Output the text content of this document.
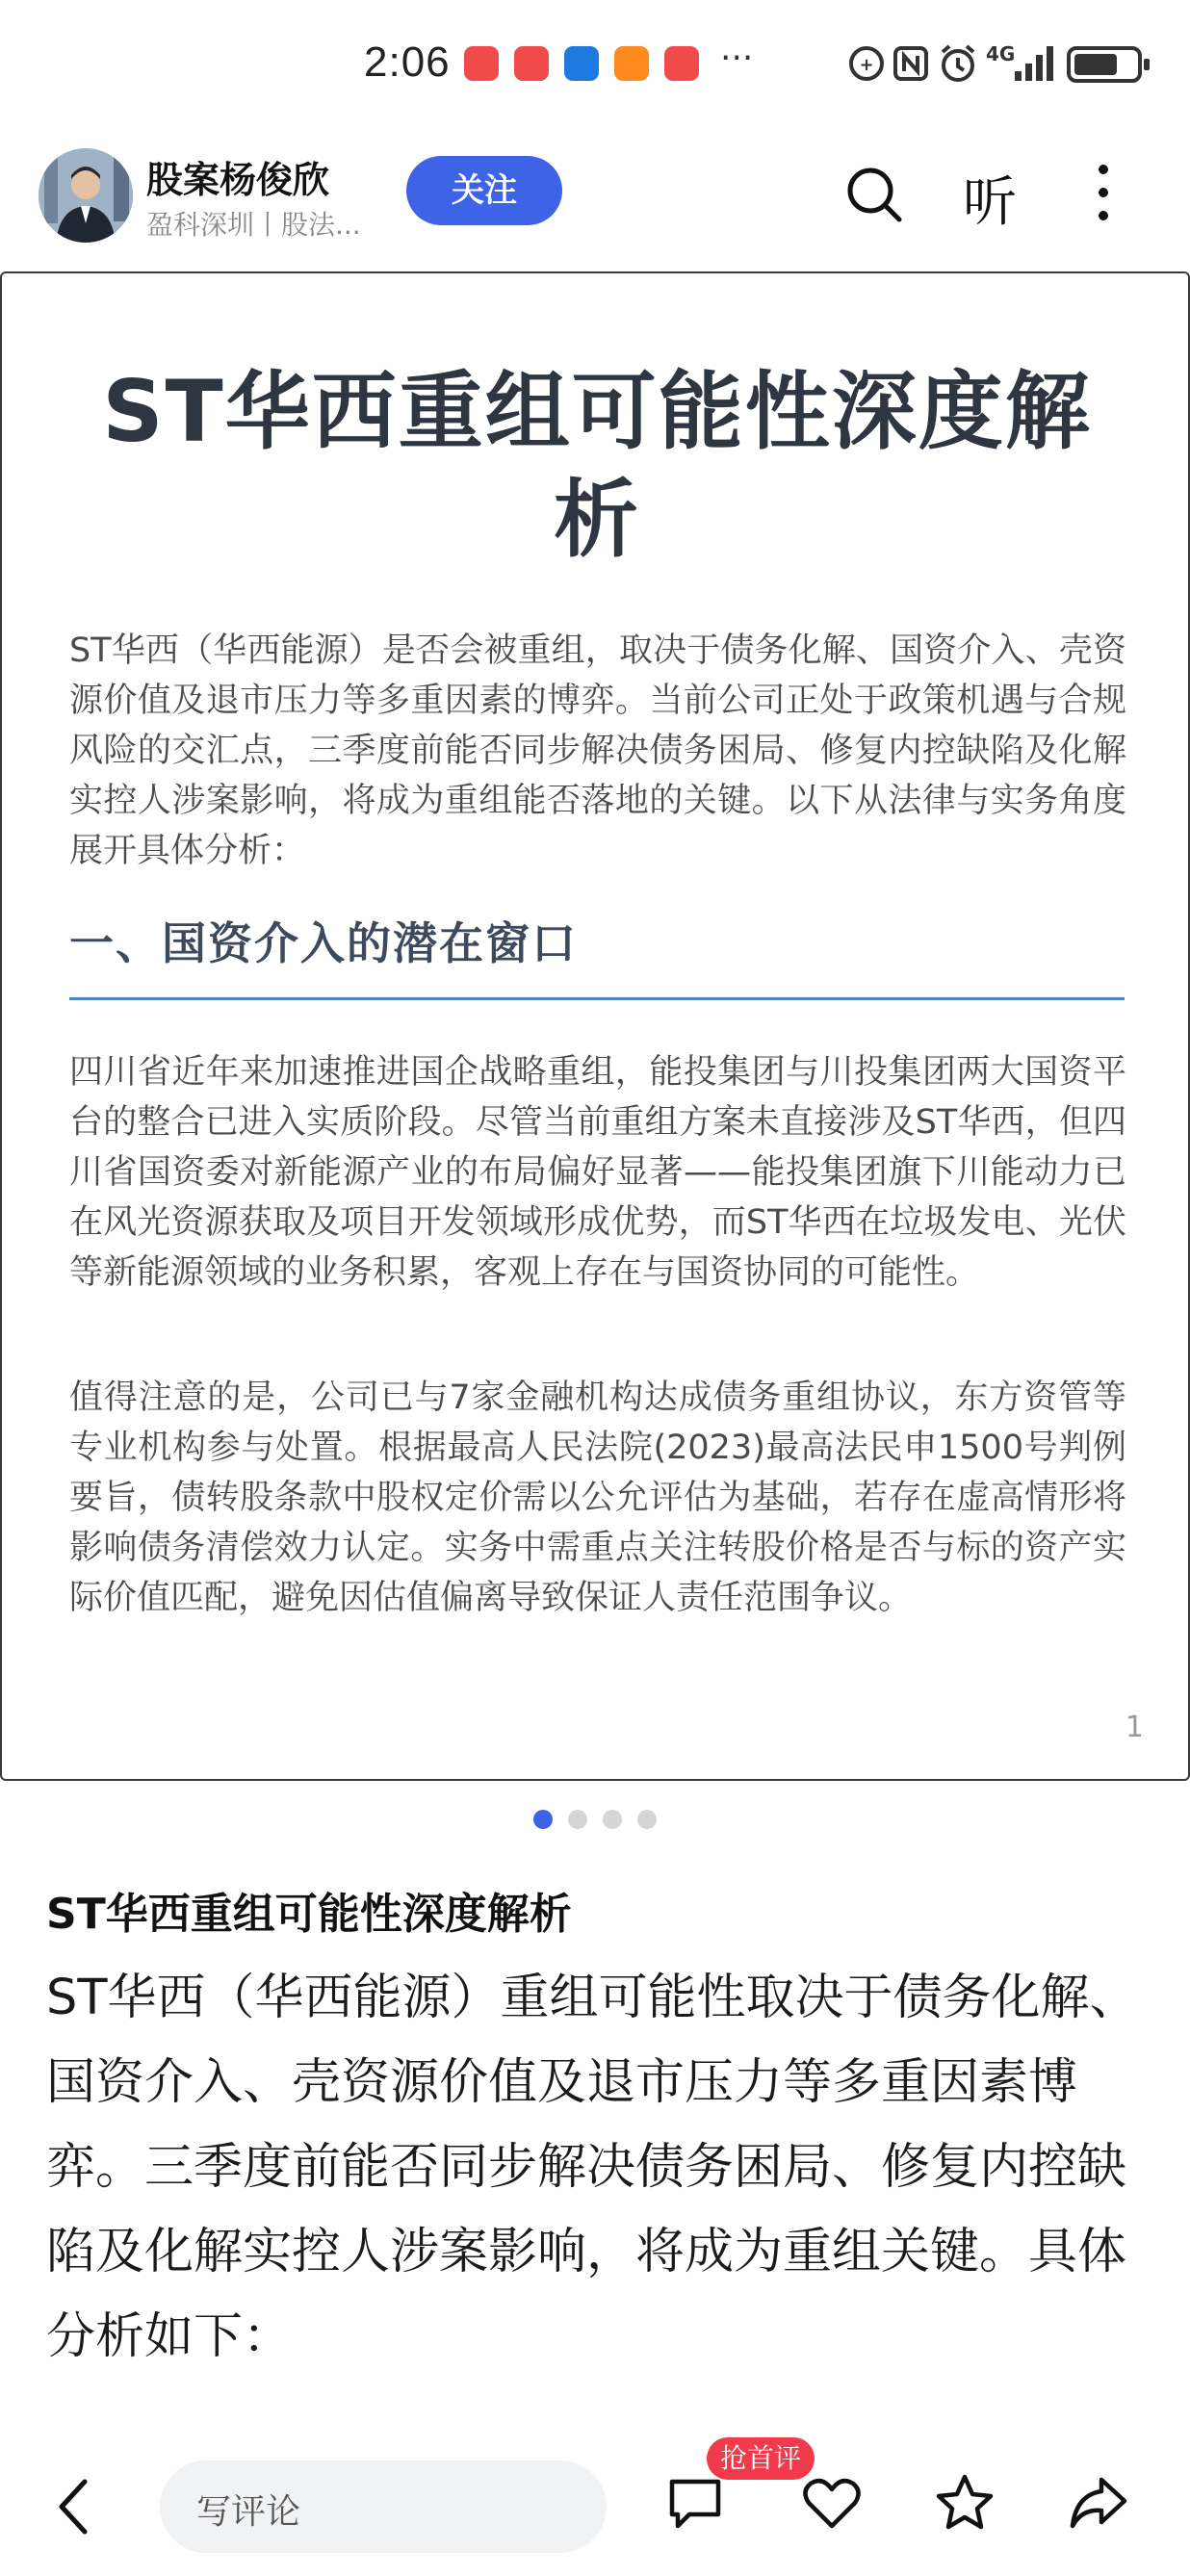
2:06	···	+	4G
股案杨俊欣
盈科深圳丨股法...
关注	听
ST华西重组可能性深度解析
ST华西（华西能源）是否会被重组，取决于债务化解、国资介入、壳资源价值及退市压力等多重因素的博弈。当前公司正处于政策机遇与合规风险的交汇点，三季度前能否同步解决债务困局、修复内控缺陷及化解实控人涉案影响，将成为重组能否落地的关键。以下从法律与实务角度展开具体分析：
一、国资介入的潜在窗口
四川省近年来加速推进国企战略重组，能投集团与川投集团两大国资平台的整合已进入实质阶段。尽管当前重组方案未直接涉及ST华西，但四川省国资委对新能源产业的布局偏好显著——能投集团旗下川能动力已在风光资源获取及项目开发领域形成优势，而ST华西在垃圾发电、光伏等新能源领域的业务积累，客观上存在与国资协同的可能性。
值得注意的是，公司已与7家金融机构达成债务重组协议，东方资管等专业机构参与处置。根据最高人民法院(2023)最高法民申1500号判例要旨，债转股条款中股权定价需以公允评估为基础，若存在虚高情形将影响债务清偿效力认定。实务中需重点关注转股价格是否与标的资产实际价值匹配，避免因估值偏离导致保证人责任范围争议。
1
ST华西重组可能性深度解析
ST华西（华西能源）重组可能性取决于债务化解、国资介入、壳资源价值及退市压力等多重因素博弈。三季度前能否同步解决债务困局、修复内控缺陷及化解实控人涉案影响，将成为重组关键。具体分析如下：
写评论
抢首评
